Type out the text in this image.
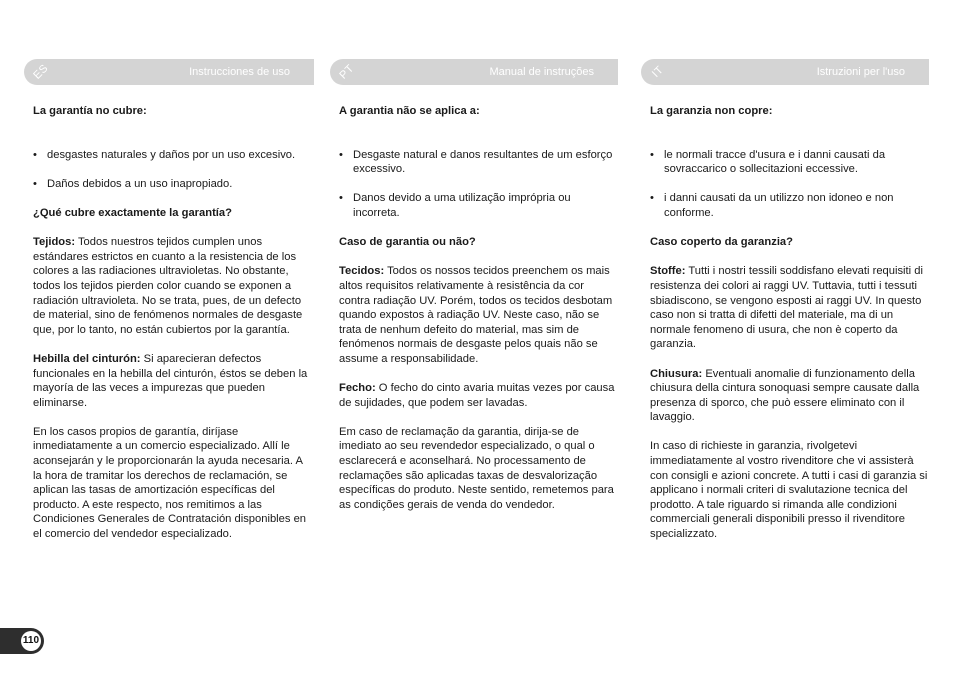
ES	Instrucciones de uso

La garantía no cubre:

• desgastes naturales y daños por un uso excesivo.

• Daños debidos a un uso inapropiado.

¿Qué cubre exactamente la garantía?

Tejidos: Todos nuestros tejidos cumplen unos estándares estrictos en cuanto a la resistencia de los colores a las radiaciones ultravioletas. No obstante, todos los tejidos pierden color cuando se exponen a radiación ultravioleta. No se trata, pues, de un defecto de material, sino de fenómenos normales de desgaste que, por lo tanto, no están cubiertos por la garantía.

Hebilla del cinturón: Si aparecieran defectos funcionales en la hebilla del cinturón, éstos se deben la mayoría de las veces a impurezas que pueden eliminarse.

En los casos propios de garantía, diríjase inmediatamente a un comercio especializado. Allí le aconsejarán y le proporcionarán la ayuda necesaria. A la hora de tramitar los derechos de reclamación, se aplican las tasas de amortización específicas del producto. A este respecto, nos remitimos a las Condiciones Generales de Contratación disponibles en el comercio del vendedor especializado.

PT	Manual de instruções

A garantia não se aplica a:

• Desgaste natural e danos resultantes de um esforço excessivo.

• Danos devido a uma utilização imprópria ou incorreta.

Caso de garantia ou não?

Tecidos: Todos os nossos tecidos preenchem os mais altos requisitos relativamente à resistência da cor contra radiação UV. Porém, todos os tecidos desbotam quando expostos à radiação UV. Neste caso, não se trata de nenhum defeito do material, mas sim de fenómenos normais de desgaste pelos quais não se assume a responsabilidade.

Fecho: O fecho do cinto avaria muitas vezes por causa de sujidades, que podem ser lavadas.

Em caso de reclamação da garantia, dirija-se de imediato ao seu revendedor especializado, o qual o esclarecerá e aconselhará. No processamento de reclamações são aplicadas taxas de desvalorização específicas do produto. Neste sentido, remetemos para as condições gerais de venda do vendedor.

IT	Istruzioni per l'uso

La garanzia non copre:

• le normali tracce d'usura e i danni causati da sovraccarico o sollecitazioni eccessive.

• i danni causati da un utilizzo non idoneo e non conforme.

Caso coperto da garanzia?

Stoffe: Tutti i nostri tessili soddisfano elevati requisiti di resistenza dei colori ai raggi UV. Tuttavia, tutti i tessuti sbiadiscono, se vengono esposti ai raggi UV. In questo caso non si tratta di difetti del materiale, ma di un normale fenomeno di usura, che non è coperto da garanzia.

Chiusura: Eventuali anomalie di funzionamento della chiusura della cintura sonoquasi sempre causate dalla presenza di sporco, che può essere eliminato con il lavaggio.

In caso di richieste in garanzia, rivolgetevi immediatamente al vostro rivenditore che vi assisterà con consigli e azioni concrete. A tutti i casi di garanzia si applicano i normali criteri di svalutazione tecnica del prodotto. A tale riguardo si rimanda alle condizioni commerciali generali disponibili presso il rivenditore specializzato.

110
